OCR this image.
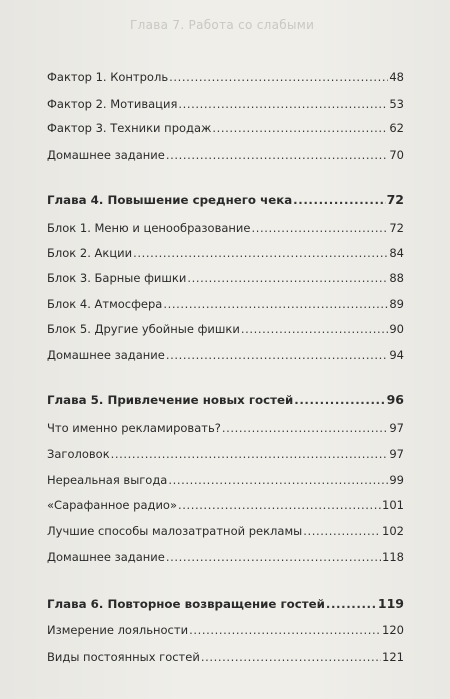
Глава 7. Работа со слабыми
Фактор 1. Контроль .....	48
Фактор 2. Мотивация .....	53
Фактор 3. Техники продаж .....	62
Домашнее задание .....	70
Глава 4. Повышение среднего чека .....	72
Блок 1. Меню и ценообразование .....	72
Блок 2. Акции .....	84
Блок 3. Барные фишки .....	88
Блок 4. Атмосфера .....	89
Блок 5. Другие убойные фишки .....	90
Домашнее задание .....	94
Глава 5. Привлечение новых гостей .....	96
Что именно рекламировать? .....	97
Заголовок .....	97
Нереальная выгода .....	99
«Сарафанное радио» .....	101
Лучшие способы малозатратной рекламы .....	102
Домашнее задание .....	118
Глава 6. Повторное возвращение гостей .....	119
Измерение лояльности .....	120
Виды постоянных гостей .....	121
